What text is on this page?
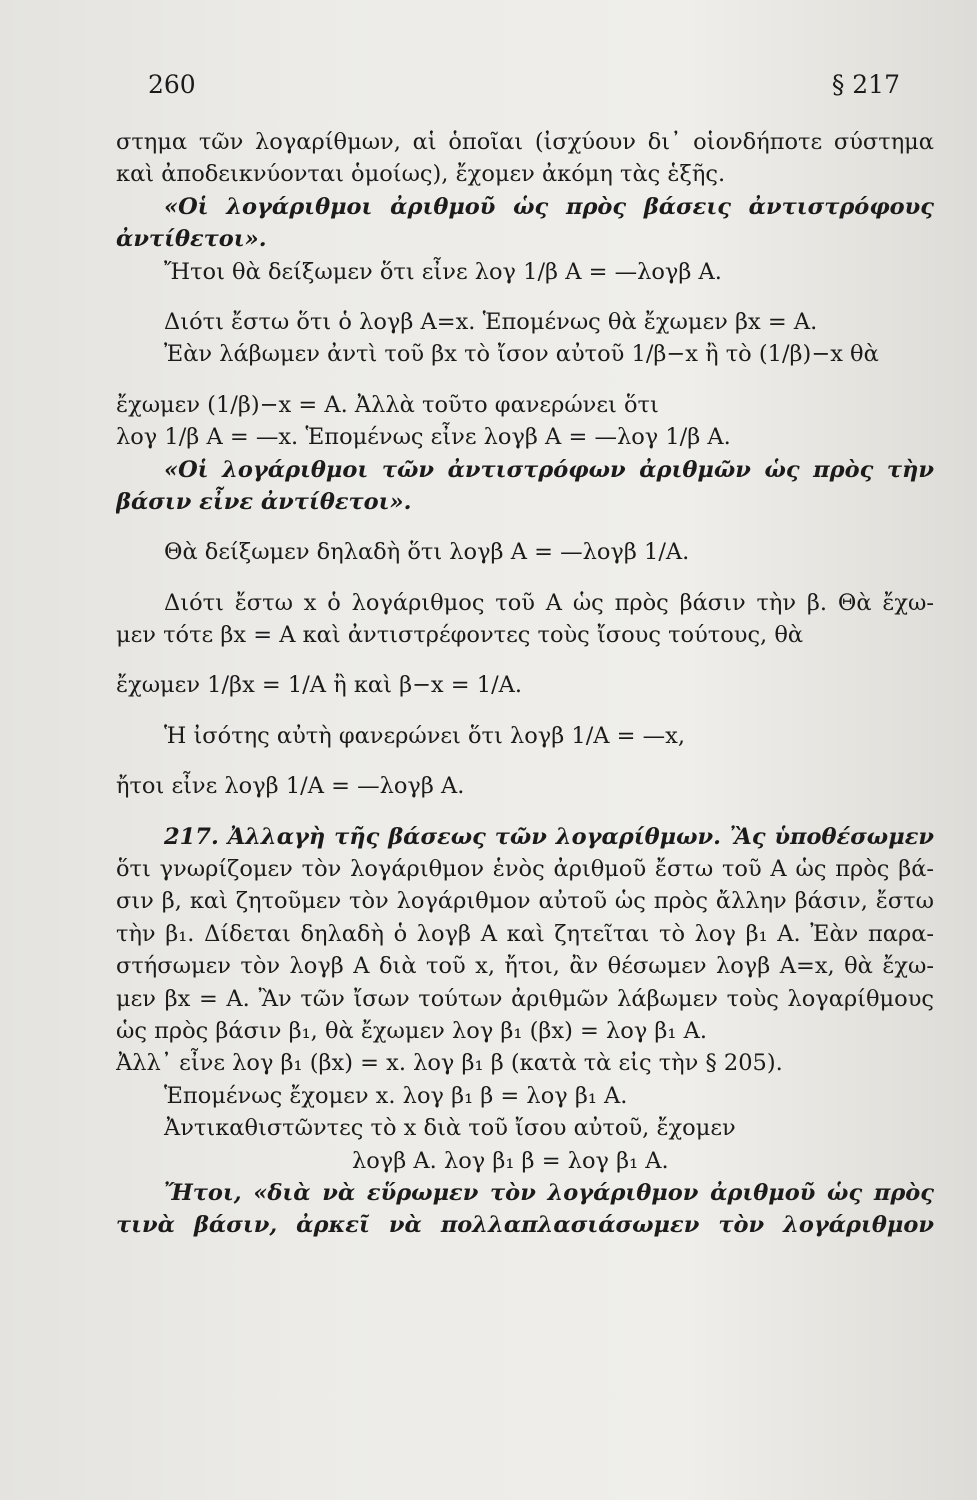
260	§ 217
στημα τῶν λογαρίθμων, αἱ ὁποῖαι (ἰσχύουν δι᾿ οἱονδήποτε σύστημα
καὶ ἀποδεικνύονται ὁμοίως), ἔχομεν ἀκόμη τὰς ἑξῆς.
«Οἱ λογάριθμοι ἀριθμοῦ ὡς πρὸς βάσεις ἀντιστρόφους
ἀντίθετοι».
Ἤτοι θὰ δείξωμεν ὅτι εἶνε λογ 1/β Α = —λογβ Α.
Διότι ἔστω ὅτι ὁ λογβ Α=x. Ἑπομένως θὰ ἔχωμεν βx = Α.
Ἐὰν λάβωμεν ἀντὶ τοῦ βx τὸ ἴσον αὐτοῦ 1/β−x ἢ τὸ (1/β)−x θὰ
ἔχωμεν (1/β)−x = Α. Ἀλλὰ τοῦτο φανερώνει ὅτι
λογ 1/β Α = —x. Ἑπομένως εἶνε λογβ Α = —λογ 1/β Α.
«Οἱ λογάριθμοι τῶν ἀντιστρόφων ἀριθμῶν ὡς πρὸς τὴν
βάσιν εἶνε ἀντίθετοι».
Θὰ δείξωμεν δηλαδὴ ὅτι λογβ Α = —λογβ 1/Α.
Διότι ἔστω x ὁ λογάριθμος τοῦ Α ὡς πρὸς βάσιν τὴν β. Θὰ ἔχω-
μεν τότε βx = Α καὶ ἀντιστρέφοντες τοὺς ἴσους τούτους, θὰ
ἔχωμεν 1/βx = 1/Α ἢ καὶ β−x = 1/Α.
Ἡ ἰσότης αὐτὴ φανερώνει ὅτι λογβ 1/Α = —x,
ἤτοι εἶνε λογβ 1/Α = —λογβ Α.
217. Ἀλλαγὴ τῆς βάσεως τῶν λογαρίθμων. Ἂς ὑποθέσωμεν
ὅτι γνωρίζομεν τὸν λογάριθμον ἑνὸς ἀριθμοῦ ἔστω τοῦ Α ὡς πρὸς βά-
σιν β, καὶ ζητοῦμεν τὸν λογάριθμον αὐτοῦ ὡς πρὸς ἄλλην βάσιν, ἔστω
τὴν β₁. Δίδεται δηλαδὴ ὁ λογβ Α καὶ ζητεῖται τὸ λογ β₁ Α. Ἐὰν παρα-
στήσωμεν τὸν λογβ Α διὰ τοῦ x, ἤτοι, ἂν θέσωμεν λογβ Α=x, θὰ ἔχω-
μεν βx = Α. Ἂν τῶν ἴσων τούτων ἀριθμῶν λάβωμεν τοὺς λογαρίθμους
ὡς πρὸς βάσιν β₁, θὰ ἔχωμεν λογ β₁ (βx) = λογ β₁ Α.
Ἀλλ᾿ εἶνε λογ β₁ (βx) = x. λογ β₁ β (κατὰ τὰ εἰς τὴν § 205).
Ἑπομένως ἔχομεν x. λογ β₁ β = λογ β₁ Α.
Ἀντικαθιστῶντες τὸ x διὰ τοῦ ἴσου αὐτοῦ, ἔχομεν
λογβ Α. λογ β₁ β = λογ β₁ Α.
Ἤτοι, «διὰ νὰ εὕρωμεν τὸν λογάριθμον ἀριθμοῦ ὡς πρὸς
τινὰ βάσιν, ἀρκεῖ νὰ πολλαπλασιάσωμεν τὸν λογάριθμον
